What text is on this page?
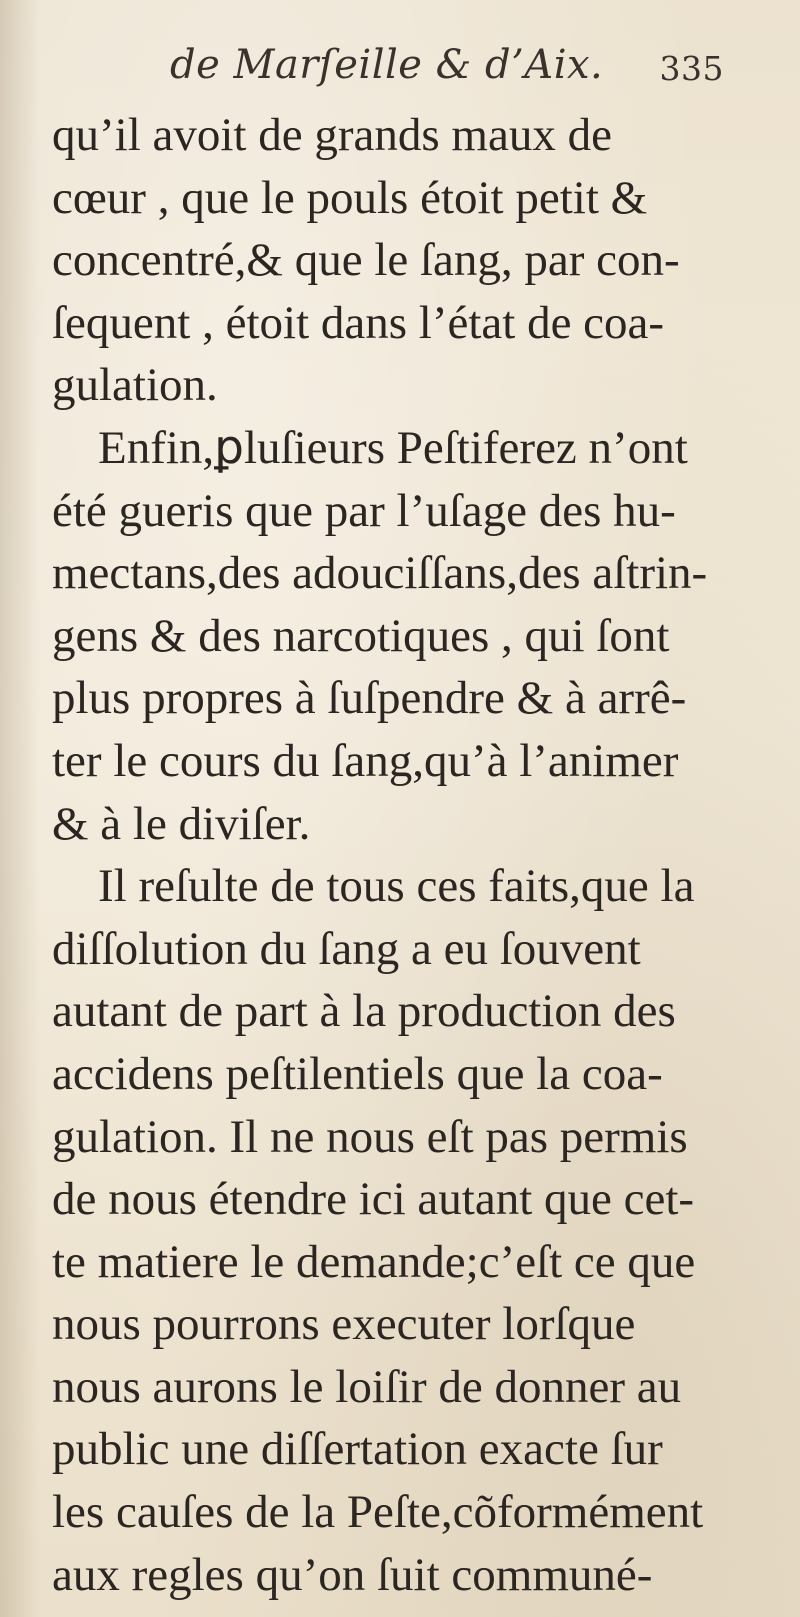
de Marſeille & d’Aix. 335
qu’il avoit de grands maux de
cœur , que le pouls étoit petit &
concentré,& que le ſang, par con-
ſequent , étoit dans l’état de coa-
gulation.
Enfin,ꝑluſieurs Peſtiferez n’ont
été gueris que par l’uſage des hu-
mectans,des adouciſſans,des aſtrin-
gens & des narcotiques , qui ſont
plus propres à ſuſpendre & à arrê-
ter le cours du ſang,qu’à l’animer
& à le diviſer.
Il reſulte de tous ces faits,que la
diſſolution du ſang a eu ſouvent
autant de part à la production des
accidens peſtilentiels que la coa-
gulation. Il ne nous eſt pas permis
de nous étendre ici autant que cet-
te matiere le demande;c’eſt ce que
nous pourrons executer lorſque
nous aurons le loiſir de donner au
public une diſſertation exacte ſur
les cauſes de la Peſte,cõformément
aux regles qu’on ſuit communé-
